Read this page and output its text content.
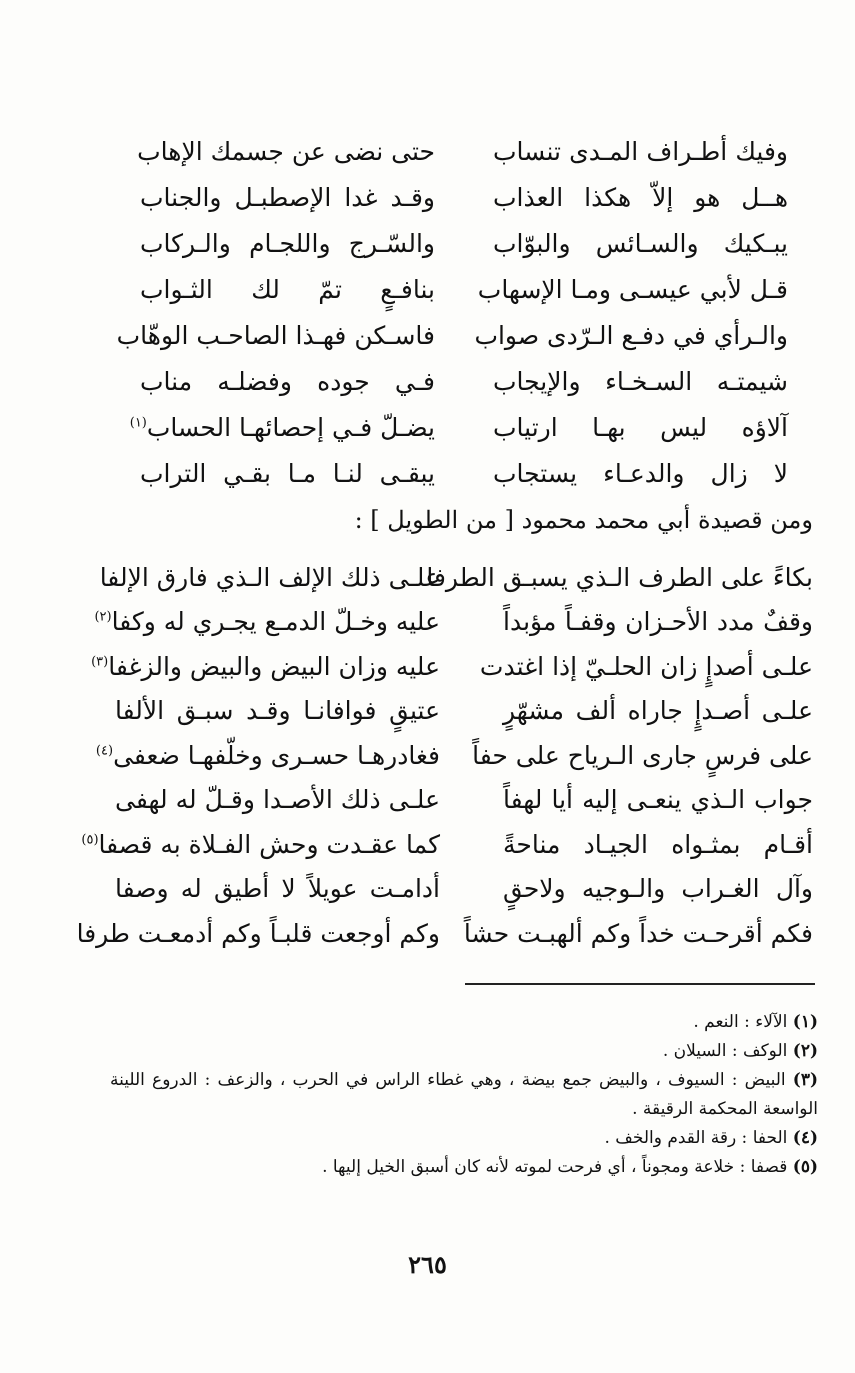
وفيك أطـراف المـدى تنساب
حتى نضى عن جسمك الإهاب
هــل هو إلاّ هكذا العذاب
وقـد غدا الإصطبـل والجناب
يبـكيك والسـائس والبوّاب
والسّـرج واللجـام والـركاب
قـل لأبي عيسـى ومـا الإسهاب
بنافـعٍ تمّ لك الثـواب
والـرأي في دفـع الـرّدى صواب
فاسـكن فهـذا الصاحـب الوهّاب
شيمتـه السـخـاء والإيجاب
فـي جوده وفضلـه مناب
آلاؤه ليس بهـا ارتياب
يضـلّ فـي إحصائهـا الحساب$^{(١)}$
لا زال والدعـاء يستجاب
يبقـى لنـا مـا بقـي التراب
ومن قصيدة أبي محمد محمود [ من الطويل ] :
بكاءً على الطرف الـذي يسبـق الطرفا
علـى ذلك الإلف الـذي فارق الإلفا
وقفٌ مدد الأحـزان وقفـاً مؤبداً
عليه وخـلّ الدمـع يجـري له وكفا$^{(٢)}$
علـى أصدإٍ زان الحلـيّ إذا اغتدت
عليه وزان البيض والبيض والزغفا$^{(٣)}$
علـى أصـدإٍ جاراه ألف مشهّرٍ
عتيقٍ فوافانـا وقـد سبـق الألفا
على فرسٍ جارى الـرياح على حفاً
فغادرهـا حسـرى وخلّفهـا ضعفى$^{(٤)}$
جواب الـذي ينعـى إليه أيا لهفاً
علـى ذلك الأصـدا وقـلّ له لهفى
أقـام بمثـواه الجيـاد مناحةً
كما عقـدت وحش الفـلاة به قصفا$^{(٥)}$
وآل الغـراب والـوجيه ولاحقٍ
أدامـت عويلاً لا أطيق له وصفا
فكم أقرحـت خداً وكم ألهبـت حشاً
وكم أوجعت قلبـاً وكم أدمعـت طرفا
(١) الآلاء : النعم .
(٢) الوكف : السيلان .
(٣) البيض : السيوف ، والبيض جمع بيضة ، وهي غطاء الراس في الحرب ، والزعف : الدروع اللينة الواسعة المحكمة الرقيقة .
(٤) الحفا : رقة القدم والخف .
(٥) قصفا : خلاعة ومجوناً ، أي فرحت لموته لأنه كان أسبق الخيل إليها .
٢٦٥
